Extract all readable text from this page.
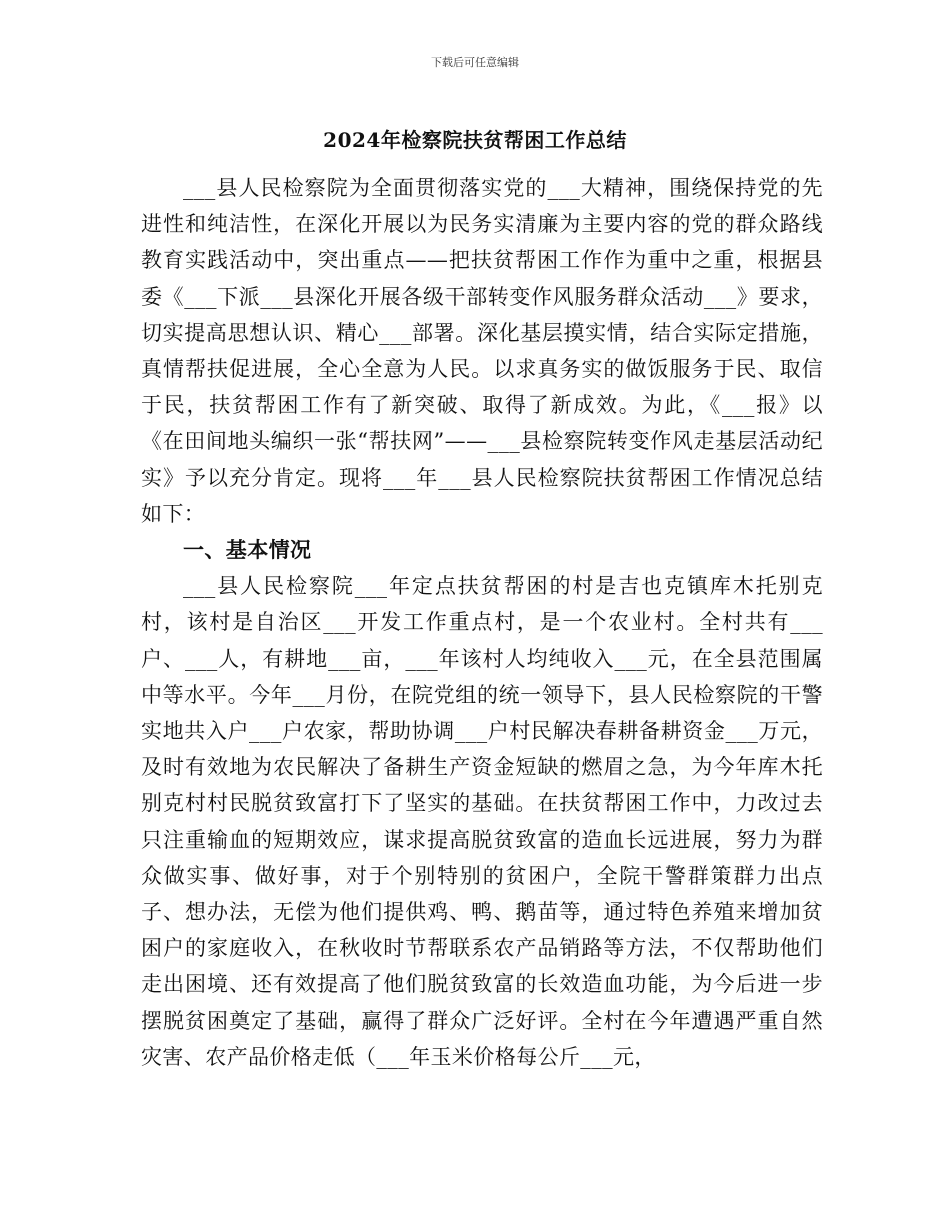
下载后可任意编辑
2024年检察院扶贫帮困工作总结

___县人民检察院为全面贯彻落实党的___大精神，围绕保持党的先进性和纯洁性，在深化开展以为民务实清廉为主要内容的党的群众路线教育实践活动中，突出重点——把扶贫帮困工作作为重中之重，根据县委《___下派___县深化开展各级干部转变作风服务群众活动___》要求，切实提高思想认识、精心___部署。深化基层摸实情，结合实际定措施，真情帮扶促进展，全心全意为人民。以求真务实的做饭服务于民、取信于民，扶贫帮困工作有了新突破、取得了新成效。为此，《___报》以《在田间地头编织一张“帮扶网”——___县检察院转变作风走基层活动纪实》予以充分肯定。现将___年___县人民检察院扶贫帮困工作情况总结如下：

一、基本情况

___县人民检察院___年定点扶贫帮困的村是吉也克镇库木托别克村，该村是自治区___开发工作重点村，是一个农业村。全村共有___户、___人，有耕地___亩，___年该村人均纯收入___元，在全县范围属中等水平。今年___月份，在院党组的统一领导下，县人民检察院的干警实地共入户___户农家，帮助协调___户村民解决春耕备耕资金___万元，及时有效地为农民解决了备耕生产资金短缺的燃眉之急，为今年库木托别克村村民脱贫致富打下了坚实的基础。在扶贫帮困工作中，力改过去只注重输血的短期效应，谋求提高脱贫致富的造血长远进展，努力为群众做实事、做好事，对于个别特别的贫困户，全院干警群策群力出点子、想办法，无偿为他们提供鸡、鸭、鹅苗等，通过特色养殖来增加贫困户的家庭收入，在秋收时节帮联系农产品销路等方法，不仅帮助他们走出困境、还有效提高了他们脱贫致富的长效造血功能，为今后进一步摆脱贫困奠定了基础，赢得了群众广泛好评。全村在今年遭遇严重自然灾害、农产品价格走低（___年玉米价格每公斤___元，
